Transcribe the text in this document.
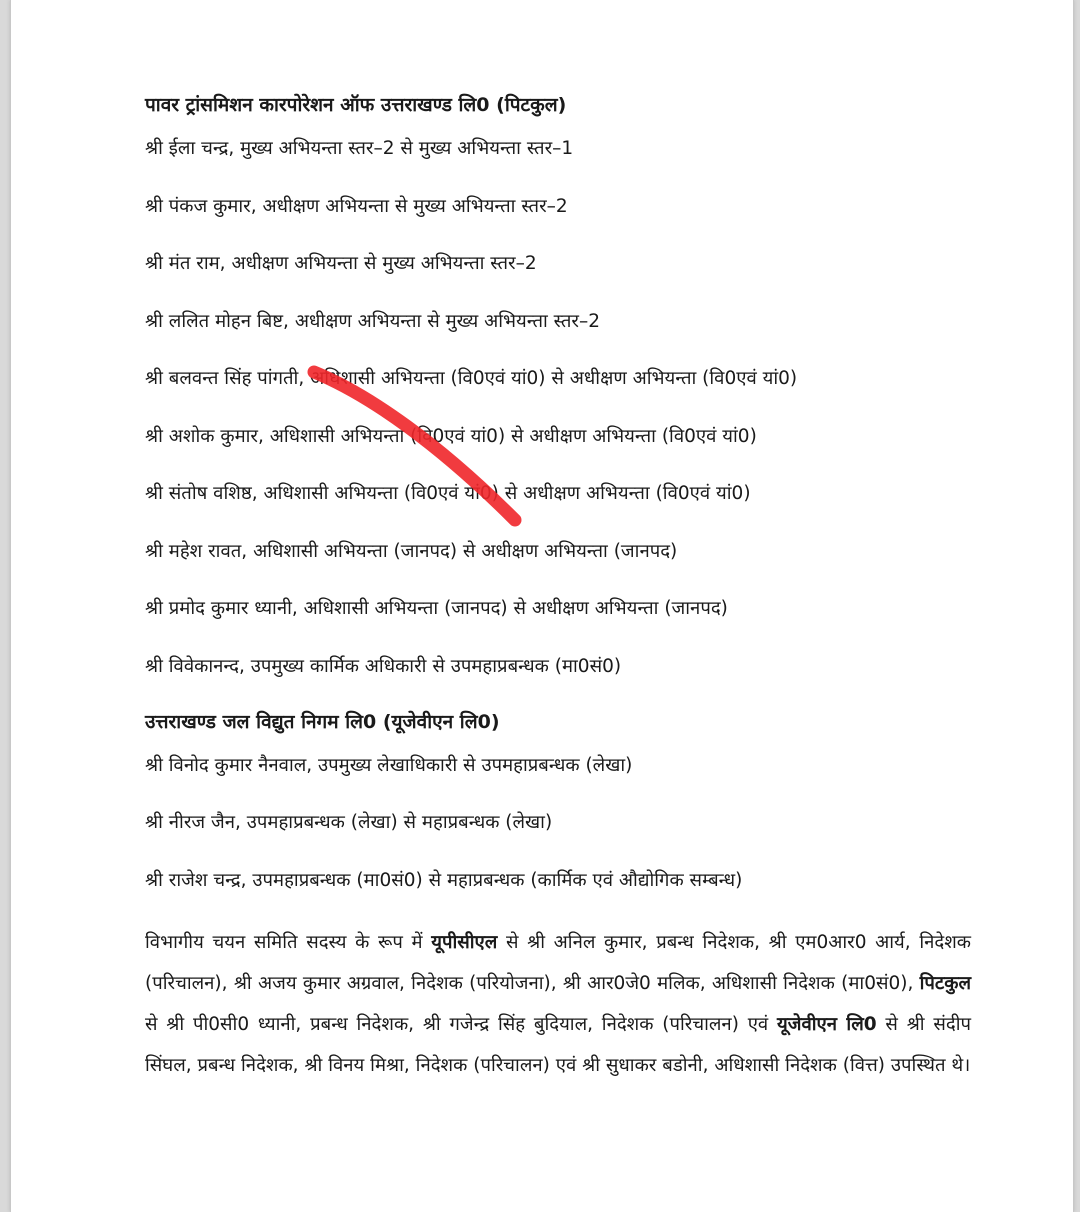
पावर ट्रांसमिशन कारपोरेशन ऑफ उत्तराखण्ड लि0 (पिटकुल)
श्री ईला चन्द्र, मुख्य अभियन्ता स्तर–2 से मुख्य अभियन्ता स्तर–1
श्री पंकज कुमार, अधीक्षण अभियन्ता से मुख्य अभियन्ता स्तर–2
श्री मंत राम, अधीक्षण अभियन्ता से मुख्य अभियन्ता स्तर–2
श्री ललित मोहन बिष्ट, अधीक्षण अभियन्ता से मुख्य अभियन्ता स्तर–2
श्री बलवन्त सिंह पांगती, अधिशासी अभियन्ता (वि0एवं यां0) से अधीक्षण अभियन्ता (वि0एवं यां0)
श्री अशोक कुमार, अधिशासी अभियन्ता (वि0एवं यां0) से अधीक्षण अभियन्ता (वि0एवं यां0)
श्री संतोष वशिष्ठ, अधिशासी अभियन्ता (वि0एवं यां0) से अधीक्षण अभियन्ता (वि0एवं यां0)
श्री महेश रावत, अधिशासी अभियन्ता (जानपद) से अधीक्षण अभियन्ता (जानपद)
श्री प्रमोद कुमार ध्यानी, अधिशासी अभियन्ता (जानपद) से अधीक्षण अभियन्ता (जानपद)
श्री विवेकानन्द, उपमुख्य कार्मिक अधिकारी से उपमहाप्रबन्धक (मा0सं0)
उत्तराखण्ड जल विद्युत निगम लि0 (यूजेवीएन लि0)
श्री विनोद कुमार नैनवाल, उपमुख्य लेखाधिकारी से उपमहाप्रबन्धक (लेखा)
श्री नीरज जैन, उपमहाप्रबन्धक (लेखा) से महाप्रबन्धक (लेखा)
श्री राजेश चन्द्र, उपमहाप्रबन्धक (मा0सं0) से महाप्रबन्धक (कार्मिक एवं औद्योगिक सम्बन्ध)
विभागीय चयन समिति सदस्य के रूप में यूपीसीएल से श्री अनिल कुमार, प्रबन्ध निदेशक, श्री एम0आर0 आर्य, निदेशक (परिचालन), श्री अजय कुमार अग्रवाल, निदेशक (परियोजना), श्री आर0जे0 मलिक, अधिशासी निदेशक (मा0सं0), पिटकुल से श्री पी0सी0 ध्यानी, प्रबन्ध निदेशक, श्री गजेन्द्र सिंह बुदियाल, निदेशक (परिचालन) एवं यूजेवीएन लि0 से श्री संदीप सिंघल, प्रबन्ध निदेशक, श्री विनय मिश्रा, निदेशक (परिचालन) एवं श्री सुधाकर बडोनी, अधिशासी निदेशक (वित्त) उपस्थित थे।
